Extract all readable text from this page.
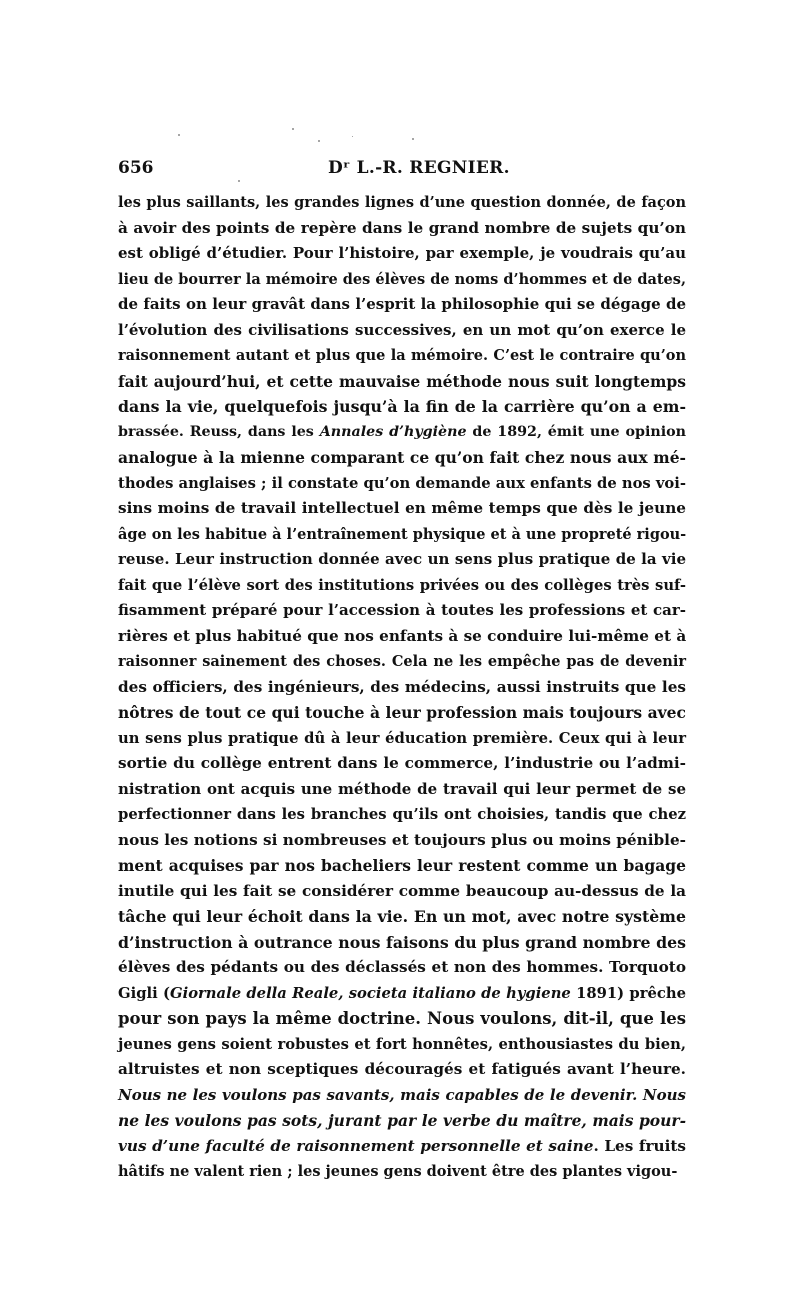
656	Dʳ L.-R. REGNIER.
les plus saillants, les grandes lignes d’une question donnée, de façon
à avoir des points de repère dans le grand nombre de sujets qu’on
est obligé d’étudier. Pour l’histoire, par exemple, je voudrais qu’au
lieu de bourrer la mémoire des élèves de noms d’hommes et de dates,
de faits on leur gravât dans l’esprit la philosophie qui se dégage de
l’évolution des civilisations successives, en un mot qu’on exerce le
raisonnement autant et plus que la mémoire. C’est le contraire qu’on
fait aujourd’hui, et cette mauvaise méthode nous suit longtemps
dans la vie, quelquefois jusqu’à la fin de la carrière qu’on a em-
brassée. Reuss, dans les Annales d’hygiène de 1892, émit une opinion
analogue à la mienne comparant ce qu’on fait chez nous aux mé-
thodes anglaises ; il constate qu’on demande aux enfants de nos voi-
sins moins de travail intellectuel en même temps que dès le jeune
âge on les habitue à l’entraînement physique et à une propreté rigou-
reuse. Leur instruction donnée avec un sens plus pratique de la vie
fait que l’élève sort des institutions privées ou des collèges très suf-
fisamment préparé pour l’accession à toutes les professions et car-
rières et plus habitué que nos enfants à se conduire lui-même et à
raisonner sainement des choses. Cela ne les empêche pas de devenir
des officiers, des ingénieurs, des médecins, aussi instruits que les
nôtres de tout ce qui touche à leur profession mais toujours avec
un sens plus pratique dû à leur éducation première. Ceux qui à leur
sortie du collège entrent dans le commerce, l’industrie ou l’admi-
nistration ont acquis une méthode de travail qui leur permet de se
perfectionner dans les branches qu’ils ont choisies, tandis que chez
nous les notions si nombreuses et toujours plus ou moins pénible-
ment acquises par nos bacheliers leur restent comme un bagage
inutile qui les fait se considérer comme beaucoup au-dessus de la
tâche qui leur échoit dans la vie. En un mot, avec notre système
d’instruction à outrance nous faisons du plus grand nombre des
élèves des pédants ou des déclassés et non des hommes. Torquoto
Gigli (Giornale della Reale, societa italiano de hygiene 1891) prêche
pour son pays la même doctrine. Nous voulons, dit-il, que les
jeunes gens soient robustes et fort honnêtes, enthousiastes du bien,
altruistes et non sceptiques découragés et fatigués avant l’heure.
Nous ne les voulons pas savants, mais capables de le devenir. Nous
ne les voulons pas sots, jurant par le verbe du maître, mais pour-
vus d’une faculté de raisonnement personnelle et saine. Les fruits
hâtifs ne valent rien ; les jeunes gens doivent être des plantes vigou-
